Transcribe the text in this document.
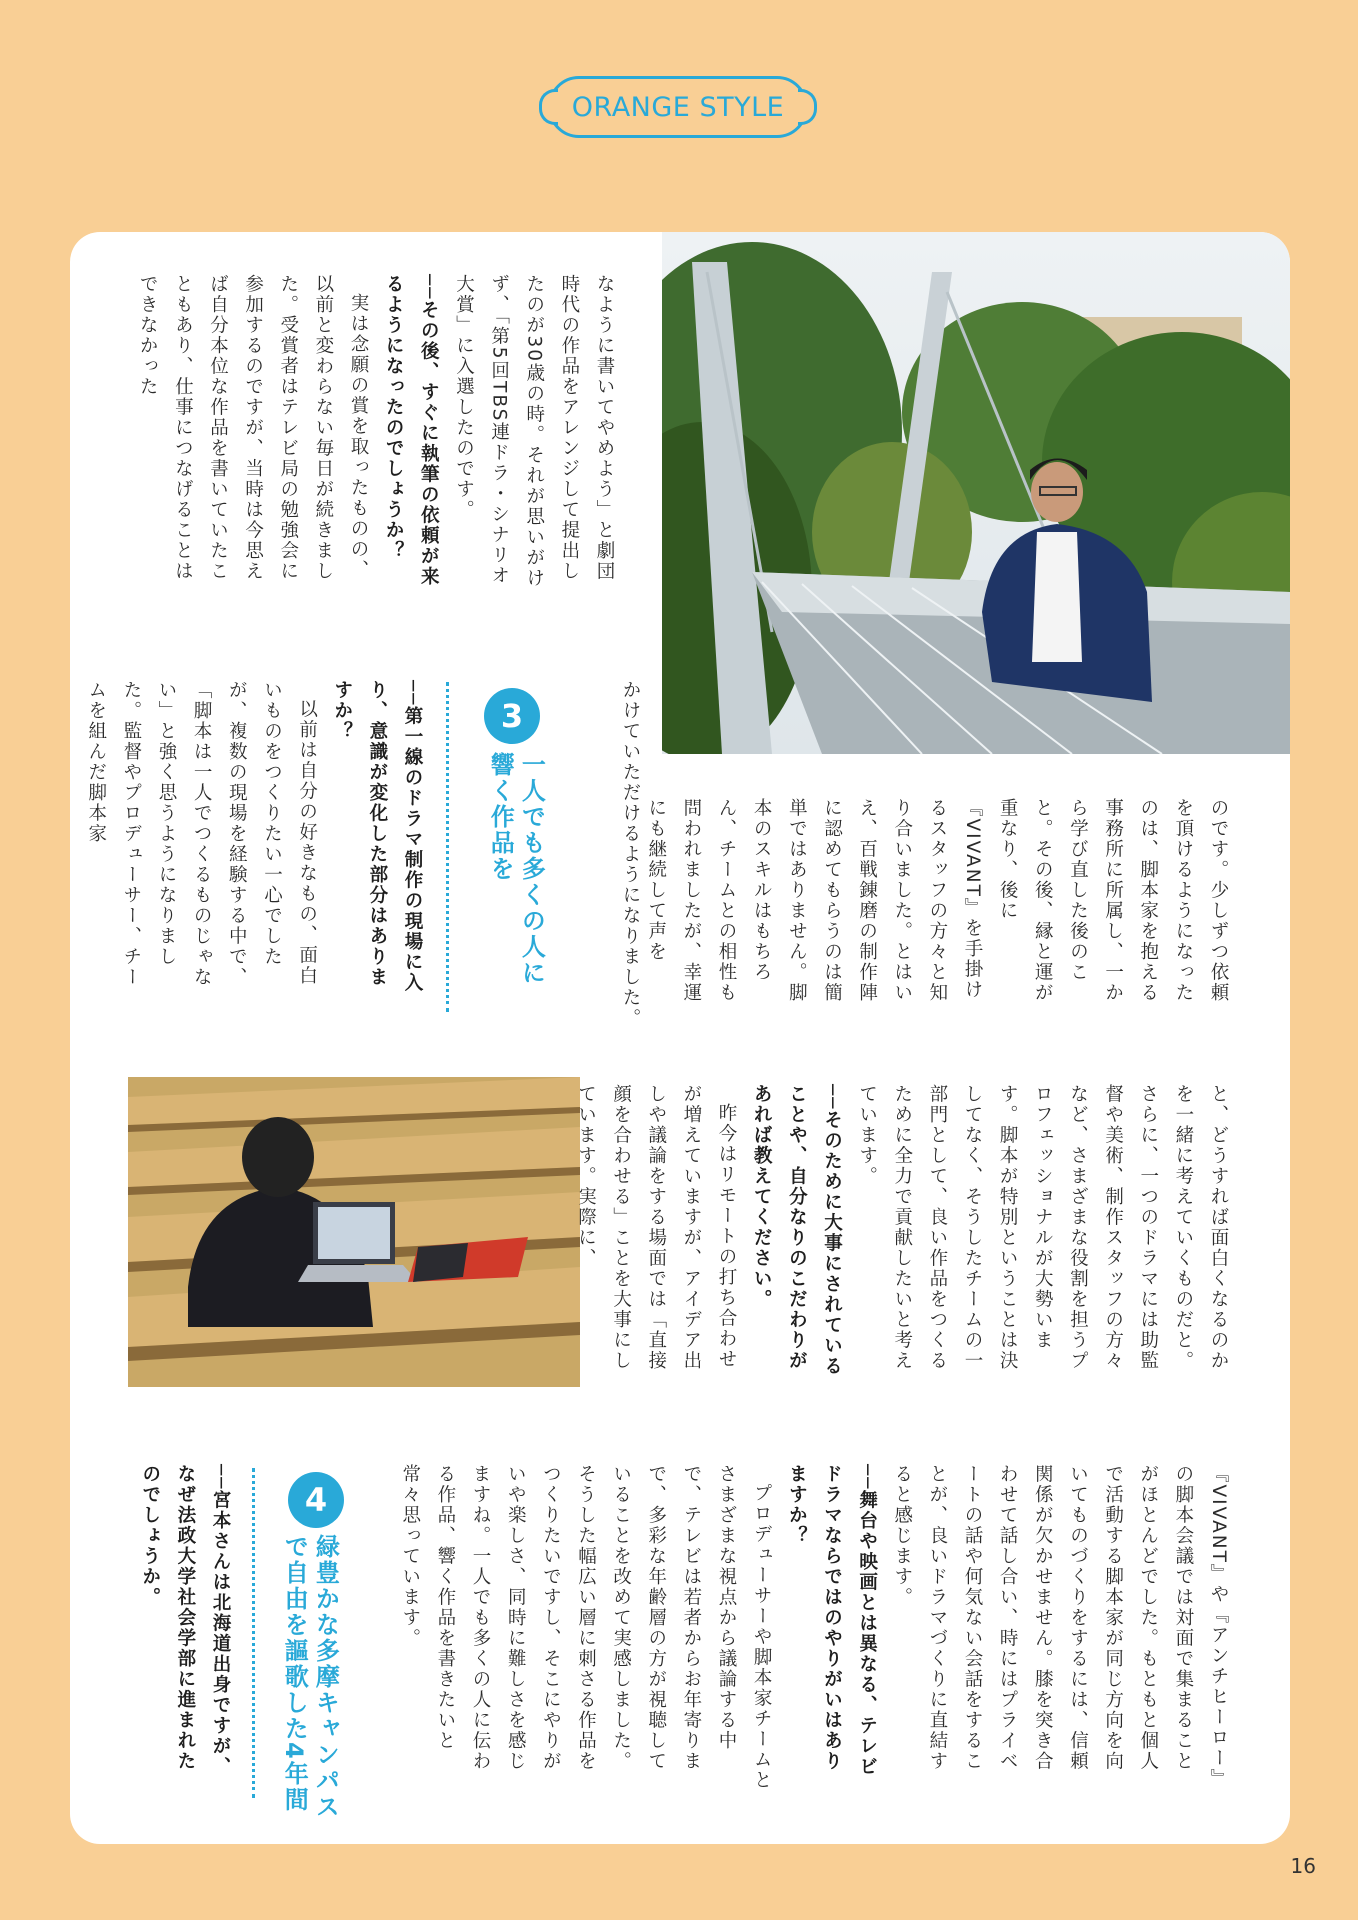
ORANGE STYLE

なように書いてやめよう」と劇団時代の作品をアレンジして提出したのが30歳の時。それが思いがけず、「第5回TBS連ドラ・シナリオ大賞」に入選したのです。

──その後、すぐに執筆の依頼が来るようになったのでしょうか？

実は念願の賞を取ったものの、以前と変わらない毎日が続きました。受賞者はテレビ局の勉強会に参加するのですが、当時は今思えば自分本位な作品を書いていたこともあり、仕事につなげることはできなかった

かけていただけるようになりました。

3
一人でも多くの人に響く作品を

──第一線のドラマ制作の現場に入り、意識が変化した部分はありますか？

以前は自分の好きなもの、面白いものをつくりたい一心でしたが、複数の現場を経験する中で、「脚本は一人でつくるものじゃない」と強く思うようになりました。監督やプロデューサー、チームを組んだ脚本家

のです。少しずつ依頼を頂けるようになったのは、脚本家を抱える事務所に所属し、一から学び直した後のこと。その後、縁と運が重なり、後に『VIVANT』を手掛けるスタッフの方々と知り合いました。とはいえ、百戦錬磨の制作陣に認めてもらうのは簡単ではありません。脚本のスキルはもちろん、チームとの相性も問われましたが、幸運にも継続して声を

と、どうすれば面白くなるのかを一緒に考えていくものだと。さらに、一つのドラマには助監督や美術、制作スタッフの方々など、さまざまな役割を担うプロフェッショナルが大勢います。脚本が特別ということは決してなく、そうしたチームの一部門として、良い作品をつくるために全力で貢献したいと考えています。

──そのために大事にされていることや、自分なりのこだわりがあれば教えてください。

昨今はリモートの打ち合わせが増えていますが、アイデア出しや議論をする場面では「直接顔を合わせる」ことを大事にしています。実際に、

『VIVANT』や『アンチヒーロー』の脚本会議では対面で集まることがほとんどでした。もともと個人で活動する脚本家が同じ方向を向いてものづくりをするには、信頼関係が欠かせません。膝を突き合わせて話し合い、時にはプライベートの話や何気ない会話をすることが、良いドラマづくりに直結すると感じます。

──舞台や映画とは異なる、テレビドラマならではのやりがいはありますか？

プロデューサーや脚本家チームとさまざまな視点から議論する中で、テレビは若者からお年寄りまで、多彩な年齢層の方が視聴していることを改めて実感しました。そうした幅広い層に刺さる作品をつくりたいですし、そこにやりがいや楽しさ、同時に難しさを感じますね。一人でも多くの人に伝わる作品、響く作品を書きたいと常々思っています。

4
緑豊かな多摩キャンパスで自由を謳歌した4年間

──宮本さんは北海道出身ですが、なぜ法政大学社会学部に進まれたのでしょうか。

16
